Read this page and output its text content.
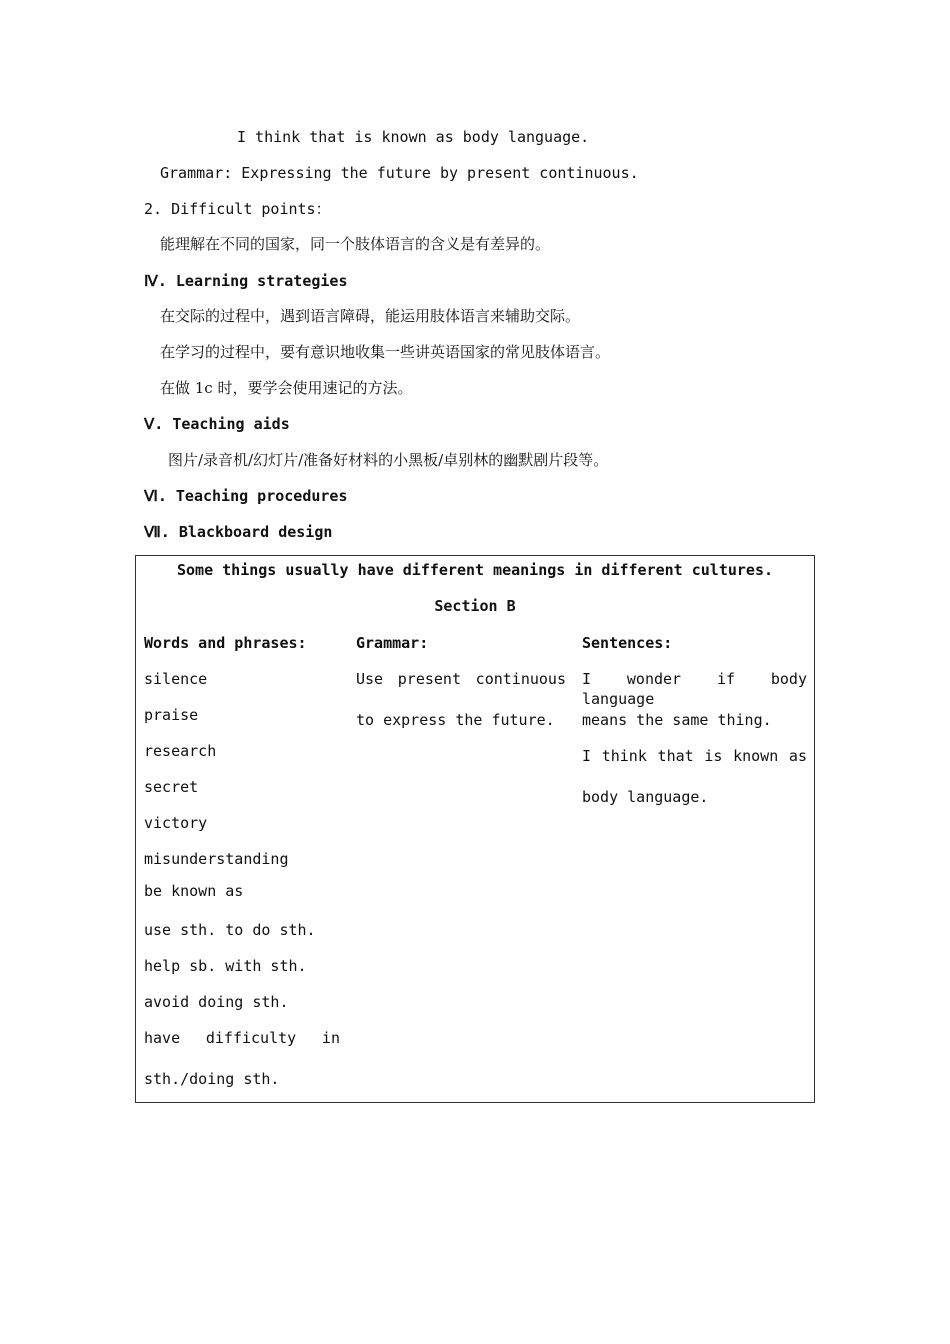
I think that is known as body language.
Grammar: Expressing the future by present continuous.
2. Difficult points：
能理解在不同的国家，同一个肢体语言的含义是有差异的。
Ⅳ. Learning strategies
在交际的过程中，遇到语言障碍，能运用肢体语言来辅助交际。
在学习的过程中，要有意识地收集一些讲英语国家的常见肢体语言。
在做 1c 时，要学会使用速记的方法。
Ⅴ. Teaching aids
图片/录音机/幻灯片/准备好材料的小黑板/卓别林的幽默剧片段等。
Ⅵ. Teaching procedures
Ⅶ. Blackboard design
Some things usually have different meanings in different cultures.
Section B
Words and phrases:
silence
praise
research
secret
victory
misunderstanding
be known as
use sth. to do sth.
help sb. with sth.
avoid doing sth.
have difficulty in
sth./doing sth.
Grammar:
Use present continuous
to express the future.
Sentences:
I wonder if body language
means the same thing.
I think that is known as
body language.
